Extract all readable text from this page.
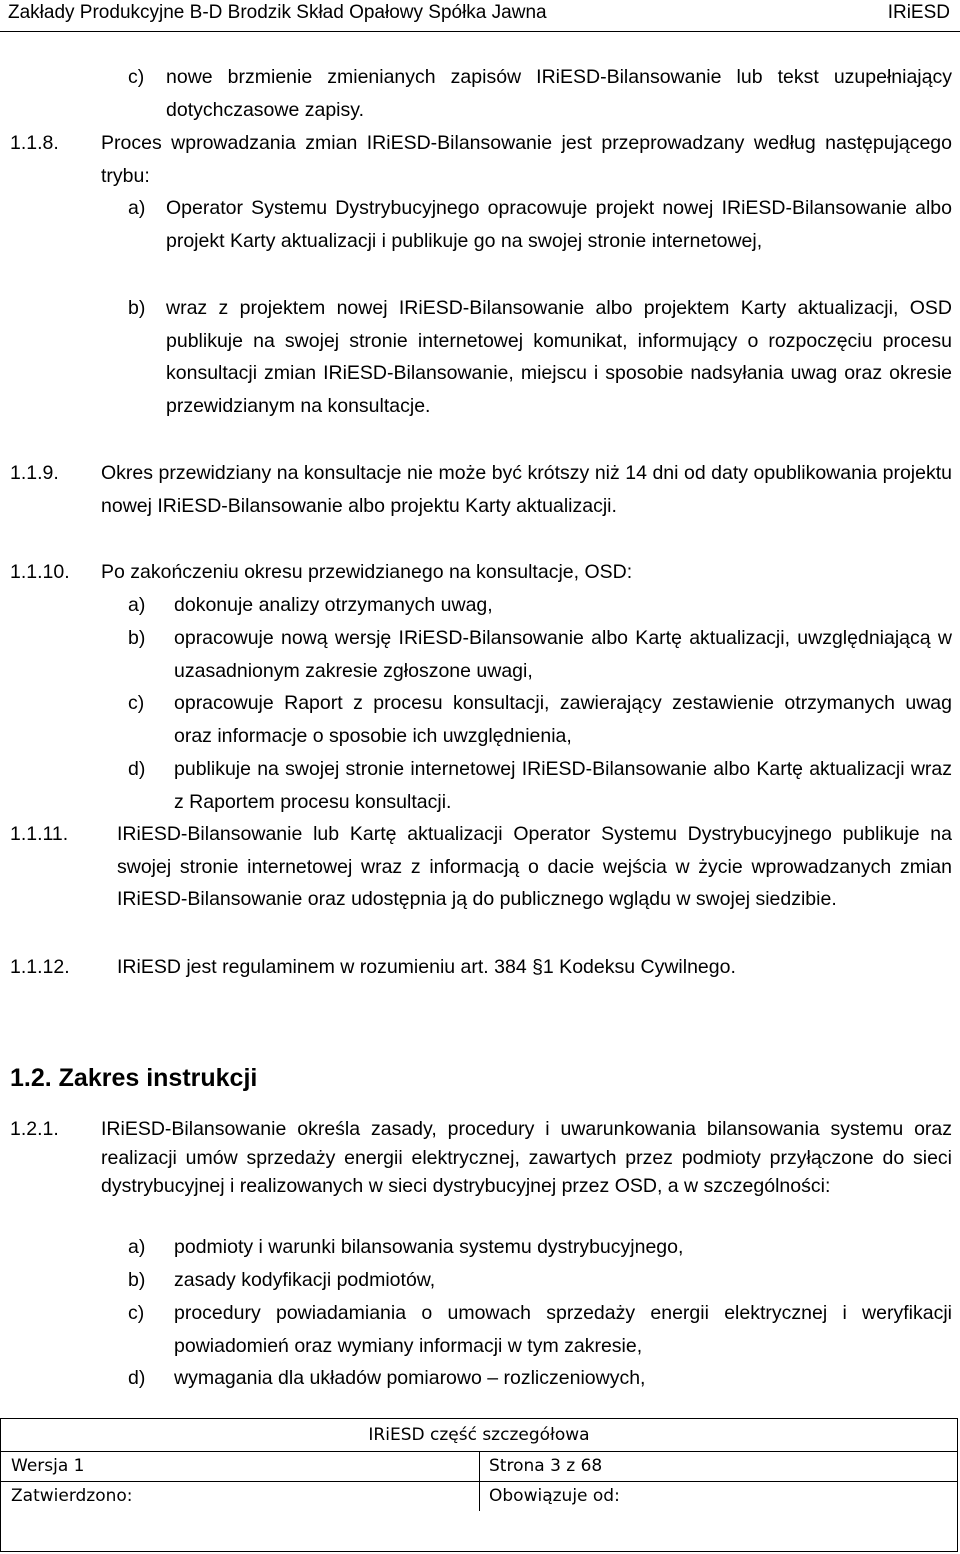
Zakłady Produkcyjne B-D Brodzik Skład Opałowy Spółka Jawna	IRiESD
c) nowe brzmienie zmienianych zapisów IRiESD-Bilansowanie lub tekst uzupełniający dotychczasowe zapisy.

1.1.8. Proces wprowadzania zmian IRiESD-Bilansowanie jest przeprowadzany według następującego trybu:

a) Operator Systemu Dystrybucyjnego opracowuje projekt nowej IRiESD-Bilansowanie albo projekt Karty aktualizacji i publikuje go na swojej stronie internetowej,

b) wraz z projektem nowej IRiESD-Bilansowanie albo projektem Karty aktualizacji, OSD publikuje na swojej stronie internetowej komunikat, informujący o rozpoczęciu procesu konsultacji zmian IRiESD-Bilansowanie, miejscu i sposobie nadsyłania uwag oraz okresie przewidzianym na konsultacje.

1.1.9. Okres przewidziany na konsultacje nie może być krótszy niż 14 dni od daty opublikowania projektu nowej IRiESD-Bilansowanie albo projektu Karty aktualizacji.

1.1.10. Po zakończeniu okresu przewidzianego na konsultacje, OSD:

a) dokonuje analizy otrzymanych uwag,

b) opracowuje nową wersję IRiESD-Bilansowanie albo Kartę aktualizacji, uwzględniającą w uzasadnionym zakresie zgłoszone uwagi,

c) opracowuje Raport z procesu konsultacji, zawierający zestawienie otrzymanych uwag oraz informacje o sposobie ich uwzględnienia,

d) publikuje na swojej stronie internetowej IRiESD-Bilansowanie albo Kartę aktualizacji wraz z Raportem procesu konsultacji.

1.1.11.	IRiESD-Bilansowanie lub Kartę aktualizacji Operator Systemu Dystrybucyjnego publikuje na swojej stronie internetowej wraz z informacją o dacie wejścia w życie wprowadzanych zmian IRiESD-Bilansowanie oraz udostępnia ją do publicznego wglądu w swojej siedzibie.

1.1.12. IRiESD jest regulaminem w rozumieniu art. 384 §1 Kodeksu Cywilnego.

1.2. Zakres instrukcji
1.2.1. IRiESD-Bilansowanie określa zasady, procedury i uwarunkowania bilansowania systemu oraz realizacji umów sprzedaży energii elektrycznej, zawartych przez podmioty przyłączone do sieci dystrybucyjnej i realizowanych w sieci dystrybucyjnej przez OSD, a w szczególności:

a) podmioty i warunki bilansowania systemu dystrybucyjnego,

b) zasady kodyfikacji podmiotów,

c) procedury powiadamiania o umowach sprzedaży energii elektrycznej i weryfikacji powiadomień oraz wymiany informacji w tym zakresie,

d) wymagania dla układów pomiarowo – rozliczeniowych,

IRiESD część szczegółowa
Wersja 1	Strona 3 z 68
Zatwierdzono:	Obowiązuje od:
